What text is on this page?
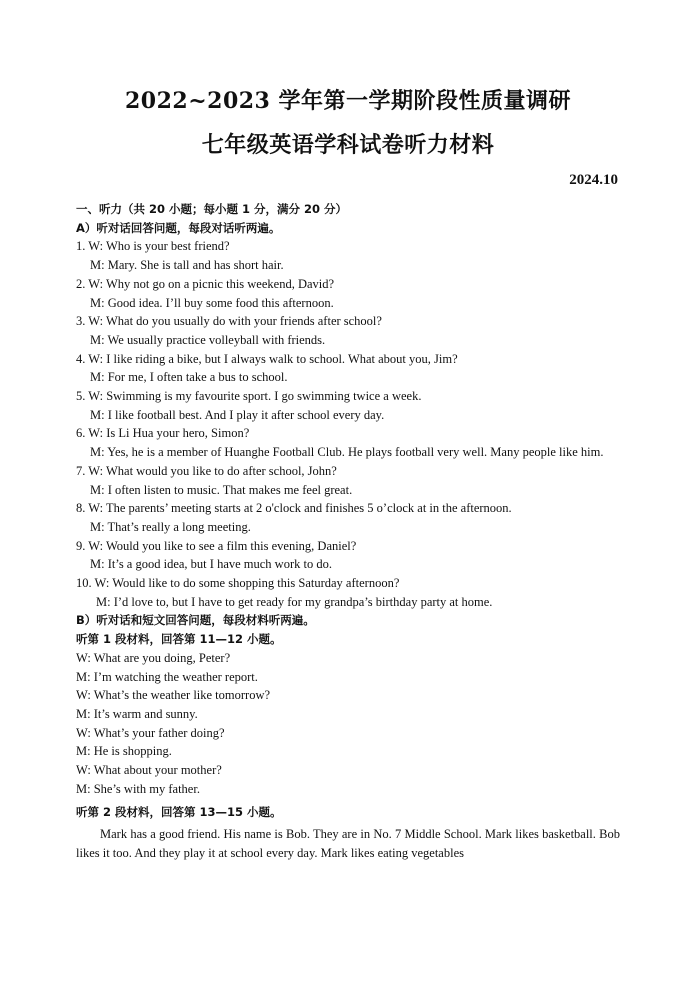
2022~2023 学年第一学期阶段性质量调研
七年级英语学科试卷听力材料
2024.10
一、听力（共 20 小题；每小题 1 分，满分 20 分）
A）听对话回答问题，每段对话听两遍。
1. W: Who is your best friend?
M: Mary. She is tall and has short hair.
2. W: Why not go on a picnic this weekend, David?
M: Good idea. I’ll buy some food this afternoon.
3. W: What do you usually do with your friends after school?
M: We usually practice volleyball with friends.
4. W: I like riding a bike, but I always walk to school. What about you, Jim?
M: For me, I often take a bus to school.
5. W: Swimming is my favourite sport. I go swimming twice a week.
M: I like football best. And I play it after school every day.
6. W: Is Li Hua your hero, Simon?
M: Yes, he is a member of Huanghe Football Club. He plays football very well. Many people like him.
7. W: What would you like to do after school, John?
M: I often listen to music. That makes me feel great.
8. W: The parents’ meeting starts at 2 o'clock and finishes 5 o’clock at in the afternoon.
M: That’s really a long meeting.
9. W: Would you like to see a film this evening, Daniel?
M: It’s a good idea, but I have much work to do.
10. W: Would like to do some shopping this Saturday afternoon?
M: I’d love to, but I have to get ready for my grandpa’s birthday party at home.
B）听对话和短文回答问题，每段材料听两遍。
听第 1 段材料，回答第 11—12 小题。
W: What are you doing, Peter?
M: I’m watching the weather report.
W: What’s the weather like tomorrow?
M: It’s warm and sunny.
W: What’s your father doing?
M: He is shopping.
W: What about your mother?
M: She’s with my father.
听第 2 段材料，回答第 13—15 小题。
Mark has a good friend. His name is Bob. They are in No. 7 Middle School. Mark likes basketball. Bob likes it too. And they play it at school every day. Mark likes eating vegetables
